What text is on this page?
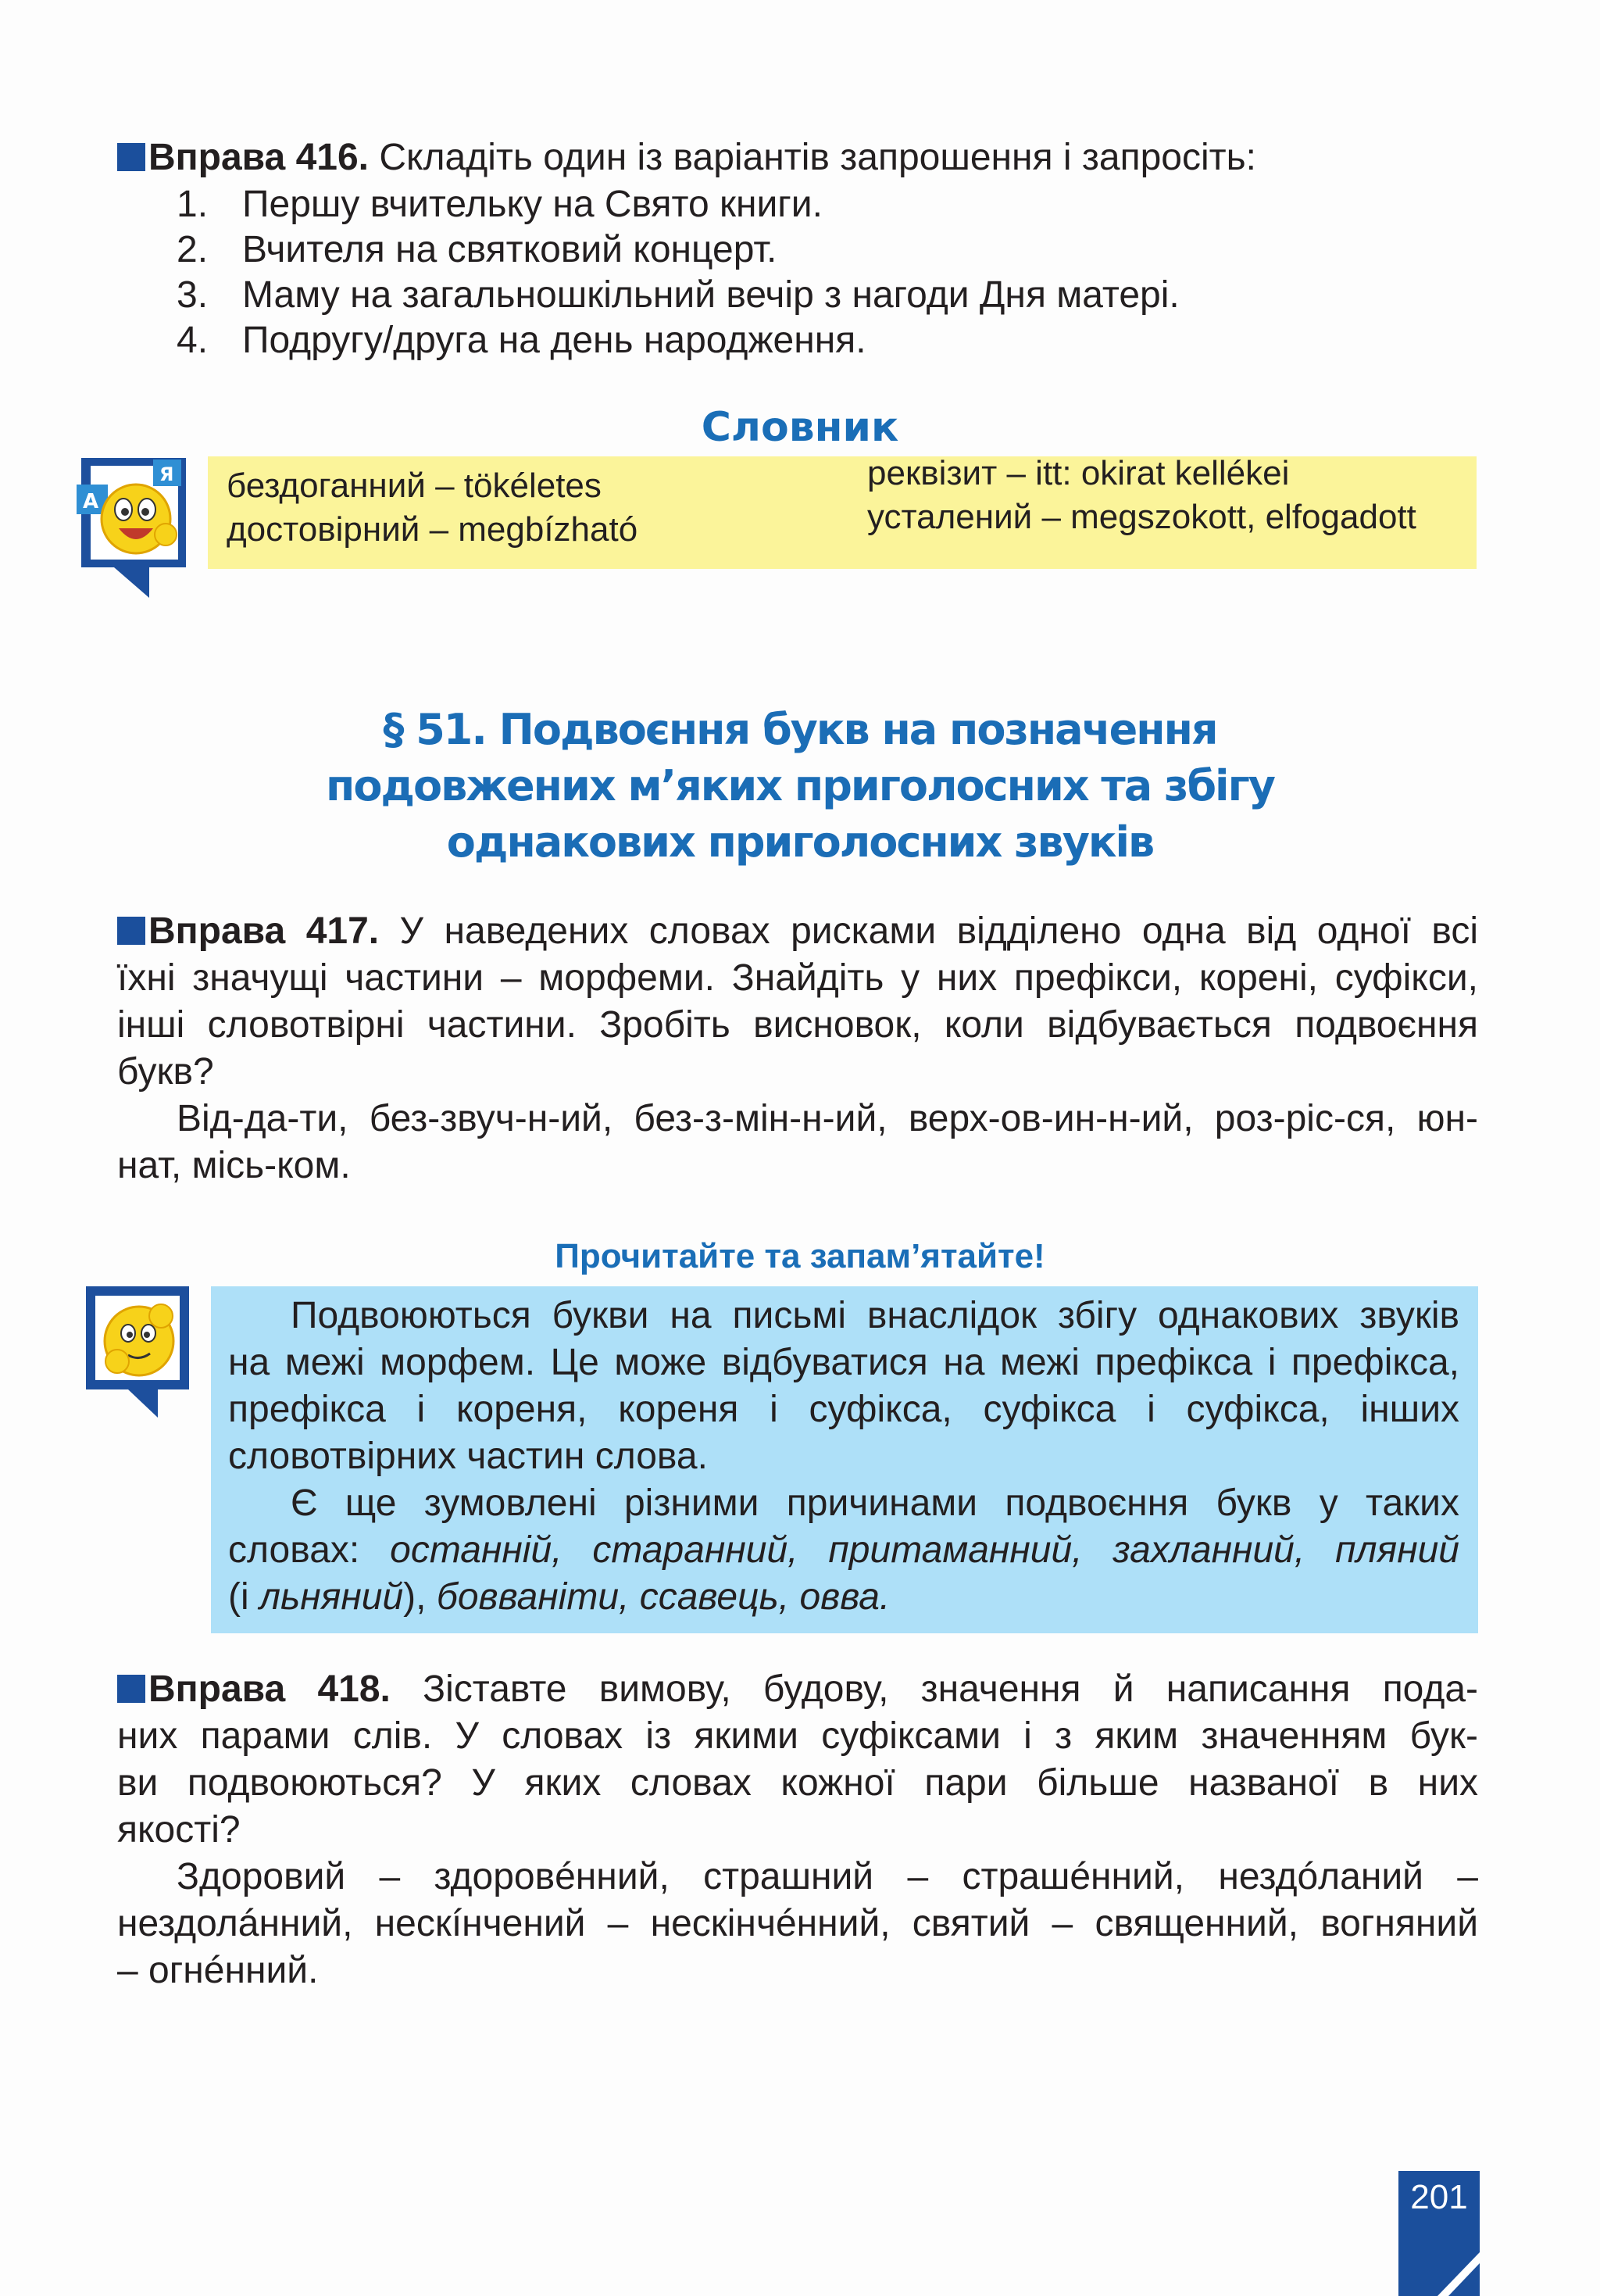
Вправа 416. Складіть один із варіантів запрошення і запросіть:
1. Першу вчительку на Свято книги.
2. Вчителя на святковий концерт.
3. Маму на загальношкільний вечір з нагоди Дня матері.
4. Подругу/друга на день народження.
Словник
А
Я бездоганний – tökéletes
достовірний – megbízható
реквізит – itt: okirat kellékei
усталений – megszokott, elfogadott
§ 51. Подвоєння букв на позначення
подовжених м’яких приголосних та збігу
однакових приголосних звуків
Вправа 417. У наведених словах рисками відділено одна від одної всі
їхні значущі частини – морфеми. Знайдіть у них префікси, корені, суфікси,
інші словотвірні частини. Зробіть висновок, коли відбувається подвоєння
букв?
Від-да-ти, без-звуч-н-ий, без-з-мін-н-ий, верх-ов-ин-н-ий, роз-ріс-ся, юн-
нат, місь-ком.
Прочитайте та запам’ятайте!
Подвоюються букви на письмі внаслідок збігу однакових звуків
на межі морфем. Це може відбуватися на межі префікса і префікса,
префікса і кореня, кореня і суфікса, суфікса і суфікса, інших
словотвірних частин слова.
Є ще зумовлені різними причинами подвоєння букв у таких
словах: останній, старанний, притаманний, захланний, пляний
(і льняний), бовваніти, ссавець, овва.
Вправа 418. Зіставте вимову, будову, значення й написання пода-
них парами слів. У словах із якими суфіксами і з яким значенням бук-
ви подвоюються? У яких словах кожної пари більше названої в них
якості?
Здоровий – здоровéнний, страшний – страшéнний, нездóланий –
нездолáнний, нескíнчений – нескінчéнний, святий – священний, вогняний
– огнéнний.
201
